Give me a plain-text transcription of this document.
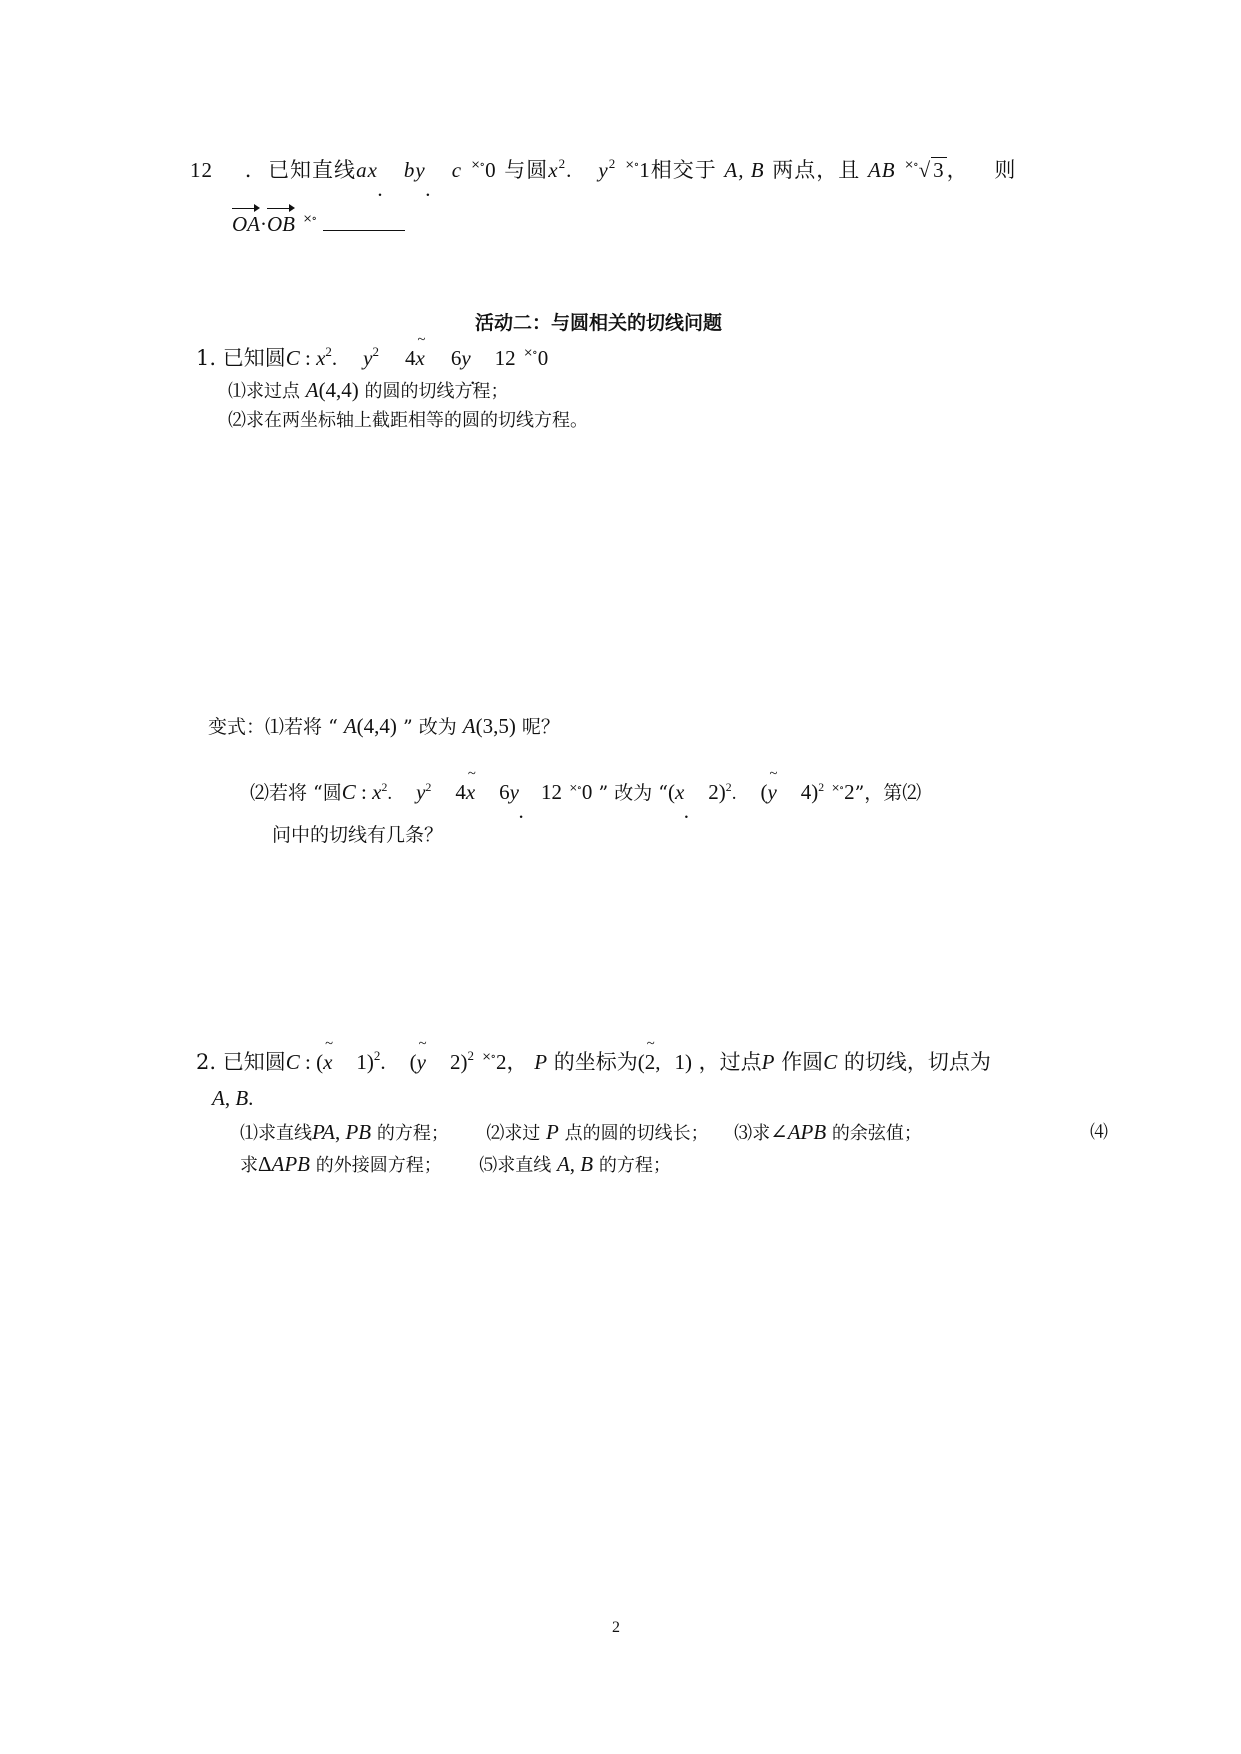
12 . 已知直线ax by c ×∘0 与圆$x^2$. $y^2$ ×∘1相交于 A, B 两点，且 AB ×∘√3， 则
OA·OB ×∘
活动二：与圆相关的切线问题
1. 已知圆C : $x^2$. $y^2$ 4~ x 6y 12 ×∘0
⑴求过点 A(4,4) 的圆的切线方程；
⑵求在两坐标轴上截距相等的圆的切线方程。
变式：⑴若将 “ A(4,4) ” 改为 A(3,5) 呢？
⑵若将 “圆C : $x^2$. $y^2$ 4~ x 6y 12 ×∘0 ” 改为 “(x 2)$^2$. (~ y 4)$^2$ ×∘2”，第⑵
问中的切线有几条？
2. 已知圆C : (~ x 1)$^2$. (~ y 2)$^2$ ×∘2， P 的坐标为(~ 2, 1) ，过点P 作圆C 的切线，切点为
A, B.
⑴求直线PA, PB 的方程； ⑵求过 P 点的圆的切线长； ⑶求∠APB 的余弦值；	⑷
求ΔAPB 的外接圆方程； ⑸求直线 A, B 的方程；
2
